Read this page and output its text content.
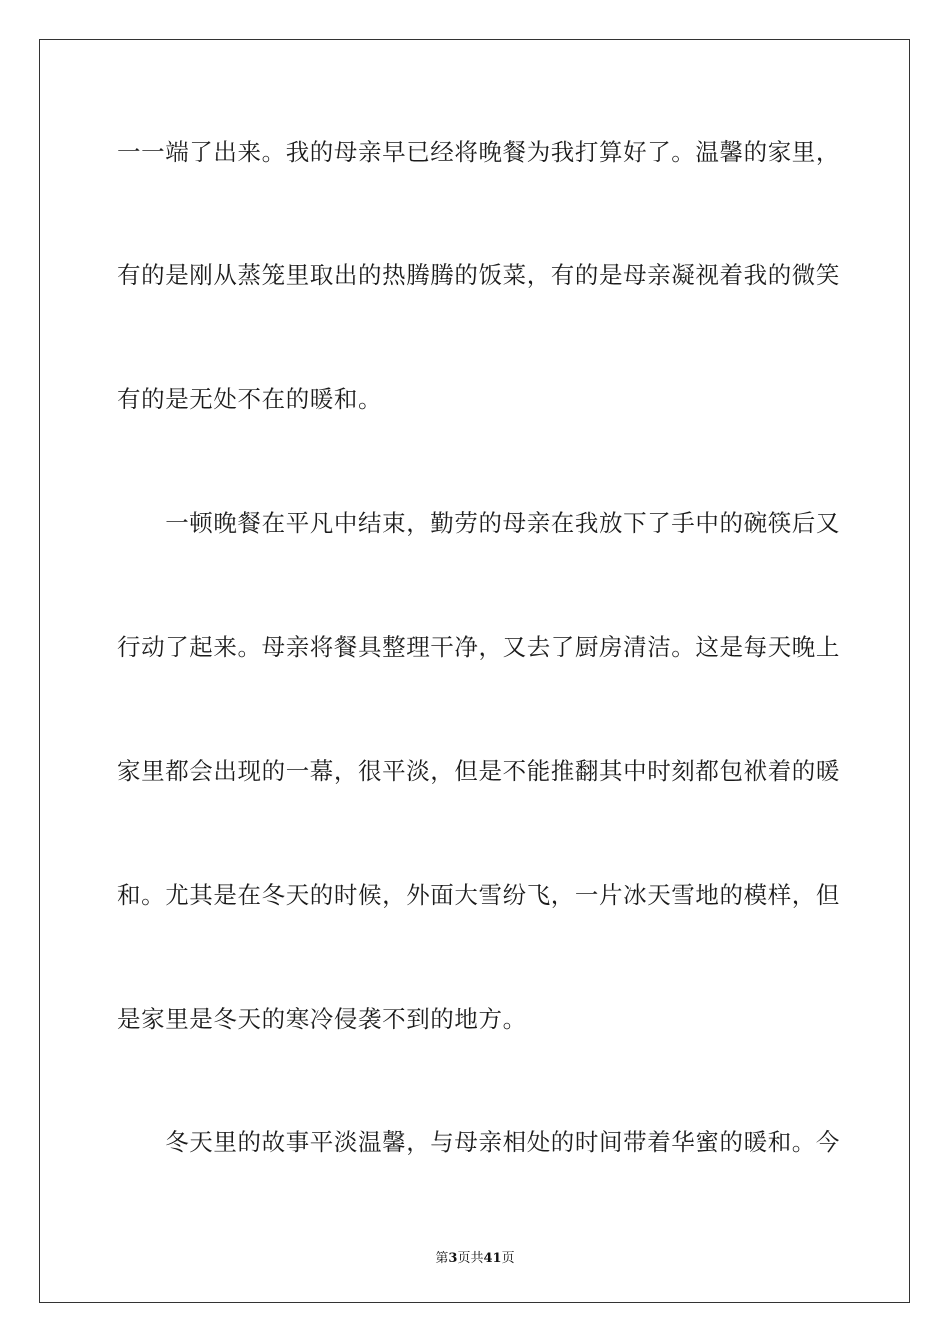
一一端了出来。我的母亲早已经将晚餐为我打算好了。温馨的家里，
有的是刚从蒸笼里取出的热腾腾的饭菜，有的是母亲凝视着我的微笑
有的是无处不在的暖和。
　　一顿晚餐在平凡中结束，勤劳的母亲在我放下了手中的碗筷后又
行动了起来。母亲将餐具整理干净，又去了厨房清洁。这是每天晚上
家里都会出现的一幕，很平淡，但是不能推翻其中时刻都包袱着的暖
和。尤其是在冬天的时候，外面大雪纷飞，一片冰天雪地的模样，但
是家里是冬天的寒冷侵袭不到的地方。
　　冬天里的故事平淡温馨，与母亲相处的时间带着华蜜的暖和。今
第3页共41页
